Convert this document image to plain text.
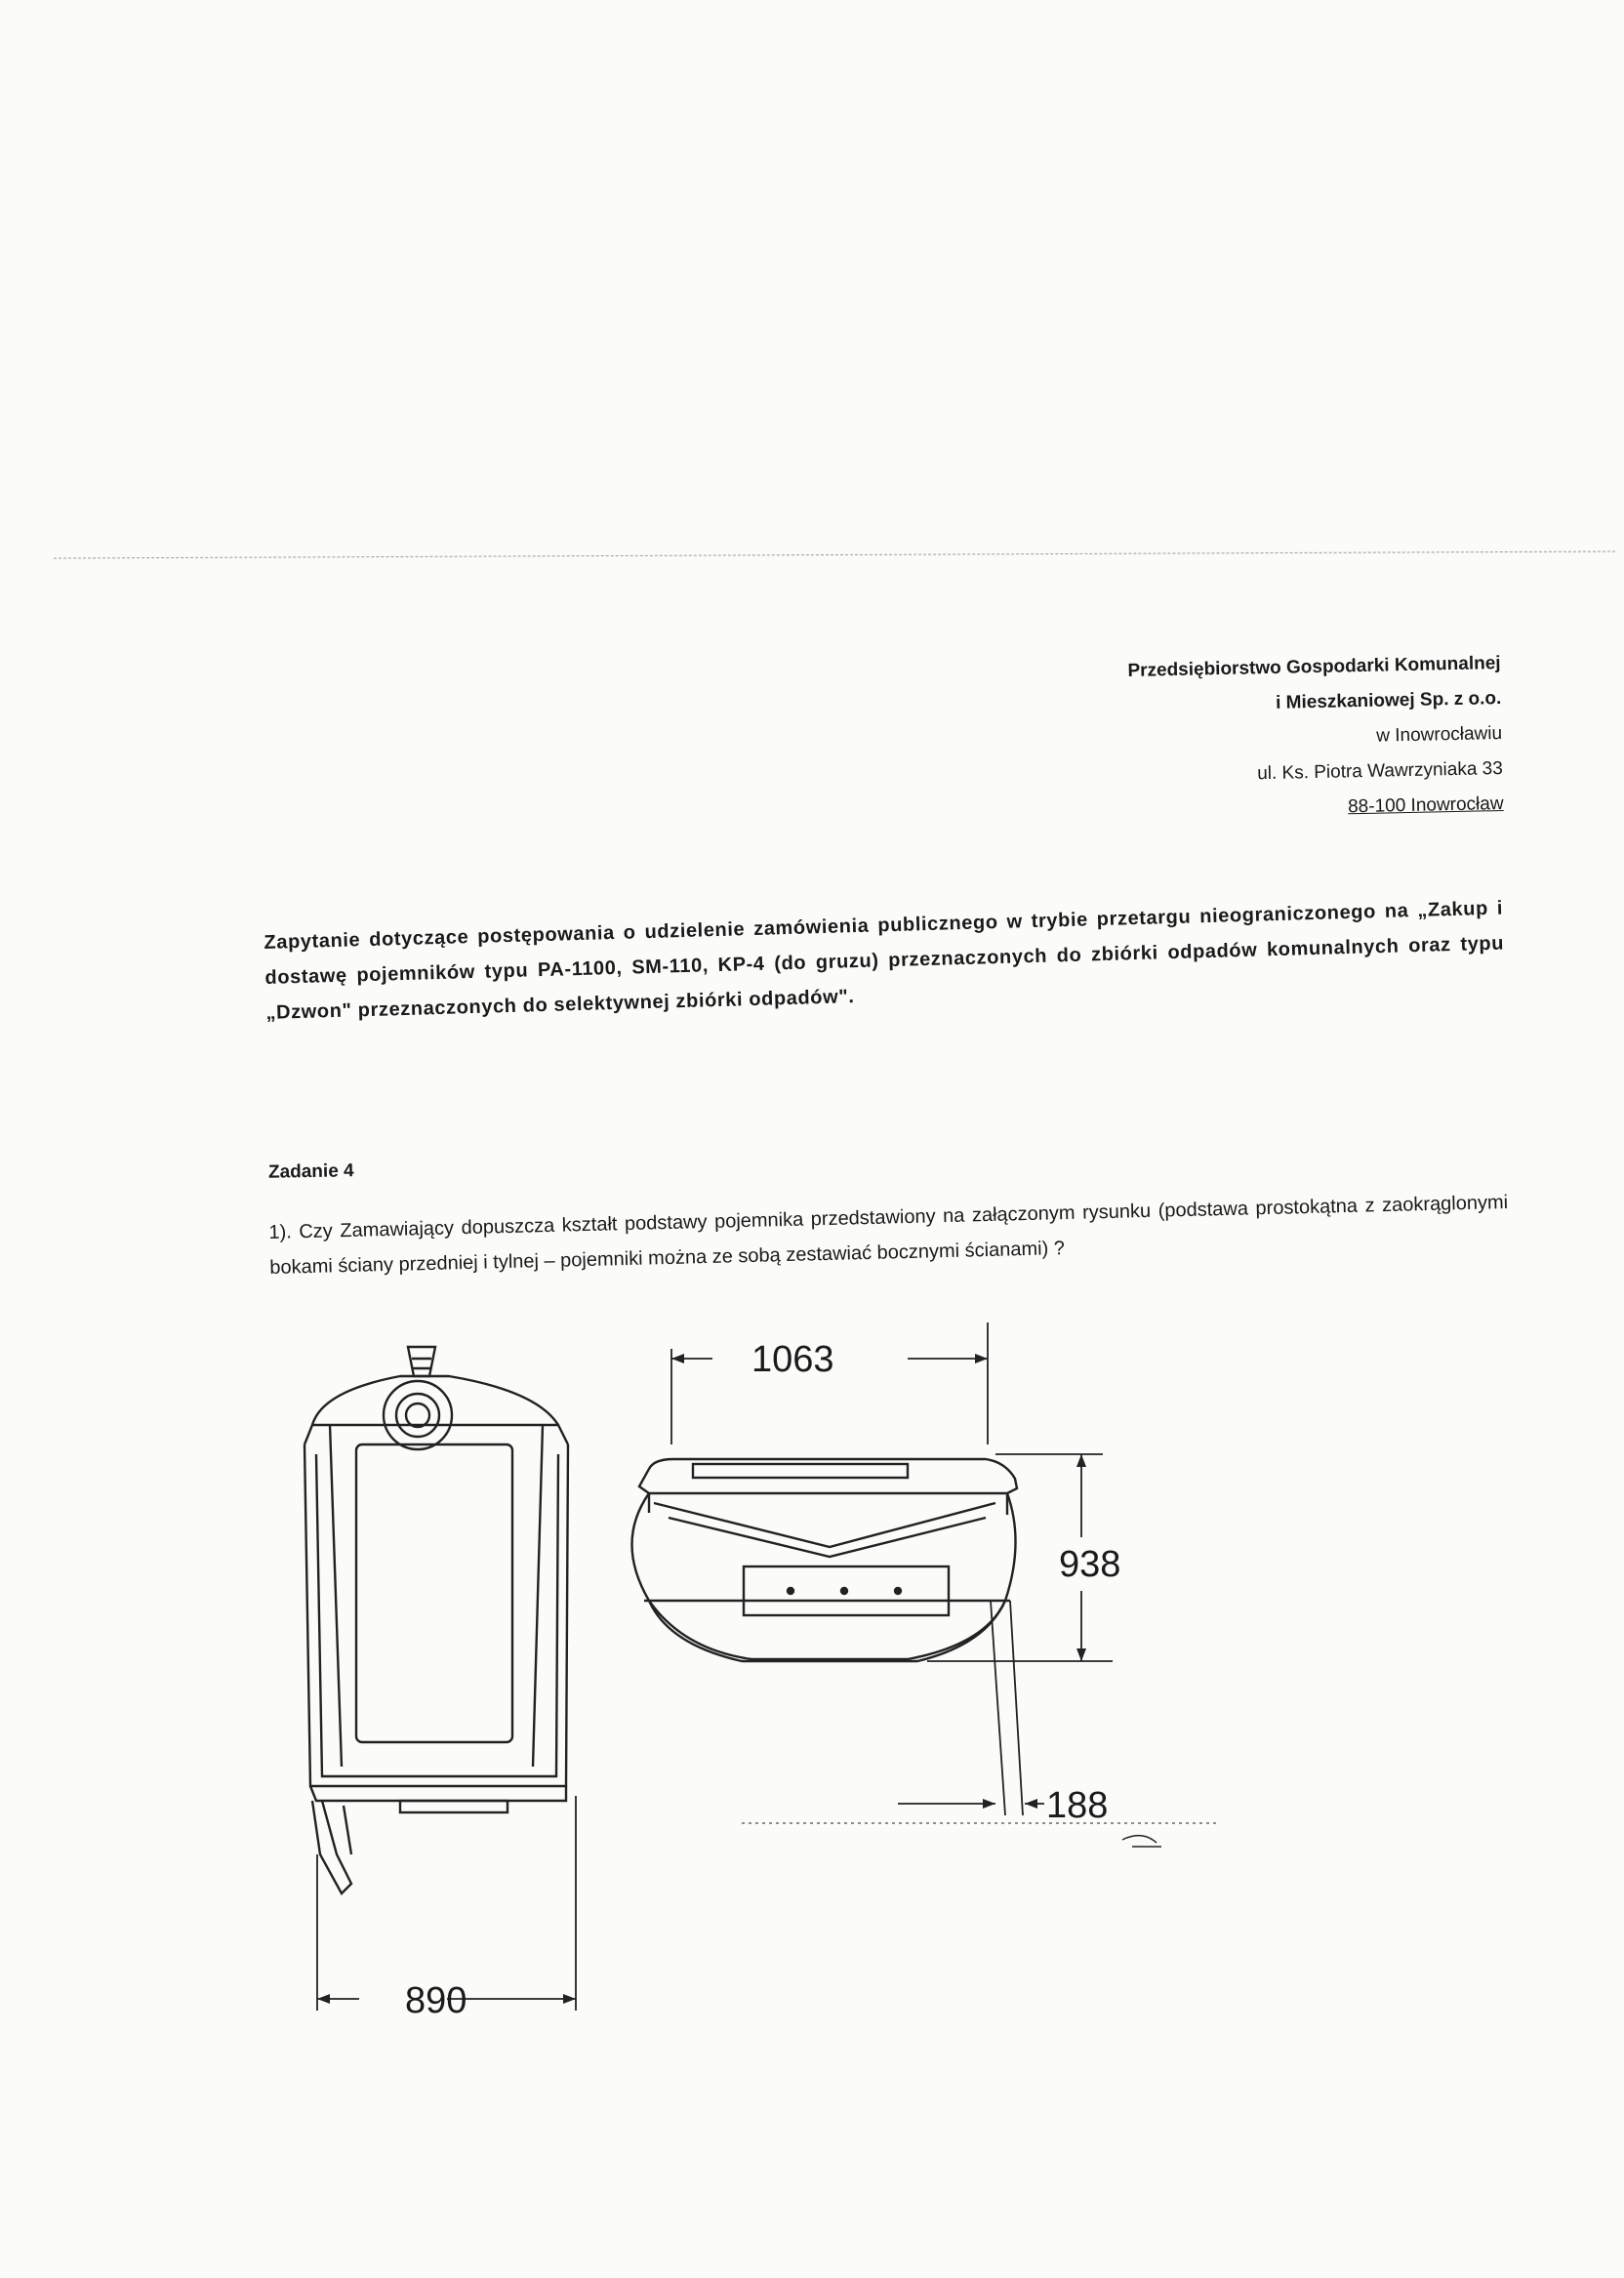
Przedsiębiorstwo Gospodarki Komunalnej
i Mieszkaniowej Sp. z o.o.
w Inowrocławiu
ul. Ks. Piotra Wawrzyniaka 33
88-100 Inowrocław
Zapytanie dotyczące postępowania o udzielenie zamówienia publicznego w trybie przetargu nieograniczonego na „Zakup i dostawę pojemników typu PA-1100, SM-110, KP-4 (do gruzu) przeznaczonych do zbiórki odpadów komunalnych oraz typu „Dzwon" przeznaczonych do selektywnej zbiórki odpadów".
Zadanie 4
1). Czy Zamawiający dopuszcza kształt podstawy pojemnika przedstawiony na załączonym rysunku (podstawa prostokątna z zaokrąglonymi bokami ściany przedniej i tylnej – pojemniki można ze sobą zestawiać bocznymi ścianami) ?
890
1063
938
188
